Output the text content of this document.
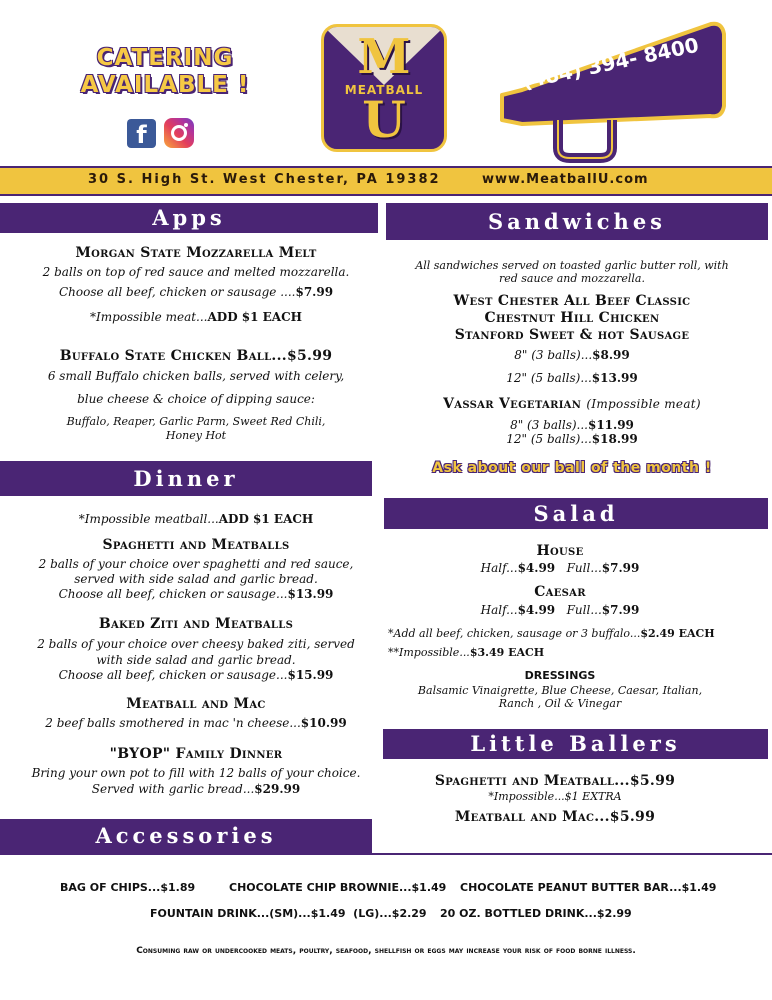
CATERING
AVAILABLE !
f
M
MEATBALL
U
(484) 394- 8400
30 S. High St. West Chester, PA 19382	www.MeatballU.com
Apps
Morgan State Mozzarella Melt
2 balls on top of red sauce and melted mozzarella.
Choose all beef, chicken or sausage ....$7.99
*Impossible meat...ADD $1 EACH
Buffalo State Chicken Ball...$5.99
6 small Buffalo chicken balls, served with celery,
blue cheese & choice of dipping sauce:
Buffalo, Reaper, Garlic Parm, Sweet Red Chili,
Honey Hot
Dinner
*Impossible meatball...ADD $1 EACH
Spaghetti and Meatballs
2 balls of your choice over spaghetti and red sauce,
served with side salad and garlic bread.
Choose all beef, chicken or sausage...$13.99
Baked Ziti and Meatballs
2 balls of your choice over cheesy baked ziti, served
with side salad and garlic bread.
Choose all beef, chicken or sausage...$15.99
Meatball and Mac
2 beef balls smothered in mac 'n cheese...$10.99
"BYOP" Family Dinner
Bring your own pot to fill with 12 balls of your choice.
Served with garlic bread...$29.99
Accessories
Sandwiches
All sandwiches served on toasted garlic butter roll, with
red sauce and mozzarella.
West Chester All Beef Classic
Chestnut Hill Chicken
Stanford Sweet & hot Sausage
8" (3 balls)...$8.99
12" (5 balls)...$13.99
Vassar Vegetarian (Impossible meat)
8" (3 balls)...$11.99
12" (5 balls)...$18.99
Ask about our ball of the month !
Salad
House
Half...$4.99 Full...$7.99
Caesar
Half...$4.99 Full...$7.99
*Add all beef, chicken, sausage or 3 buffalo...$2.49 EACH
**Impossible...$3.49 EACH
DRESSINGS
Balsamic Vinaigrette, Blue Cheese, Caesar, Italian,
Ranch , Oil & Vinegar
Little Ballers
Spaghetti and Meatball...$5.99
*Impossible...$1 EXTRA
Meatball and Mac...$5.99
BAG OF CHIPS...$1.89	CHOCOLATE CHIP BROWNIE...$1.49 CHOCOLATE PEANUT BUTTER BAR...$1.49
FOUNTAIN DRINK...(SM)...$1.49  (LG)...$2.29 20 OZ. BOTTLED DRINK...$2.99
Consuming raw or undercooked meats, poultry, seafood, shellfish or eggs may increase your risk of food borne illness.
